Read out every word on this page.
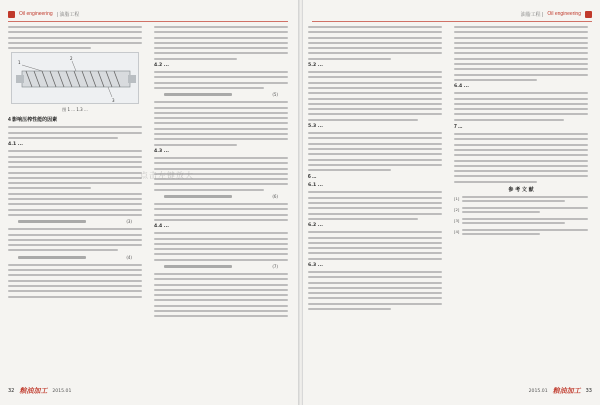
Oil engineering | 油脂工程
1
2
3
图 1 ... 1.3 ...
4 影响压榨性能的因素
4.1 ...
(3)
(4)
4.2 ...
(5)
4.3 ...
(6)
4.4 ...
(7)
32 粮油加工 2015.01
油脂工程 | Oil engineering
5.2 ...
5.3 ...
6 ...
6.1 ...
6.2 ...
6.3 ...
6.4 ...
7 ...
参 考 文 献
[1]
[2]
[3]
[4]
2015.01 粮油加工 33
点击左键放大
